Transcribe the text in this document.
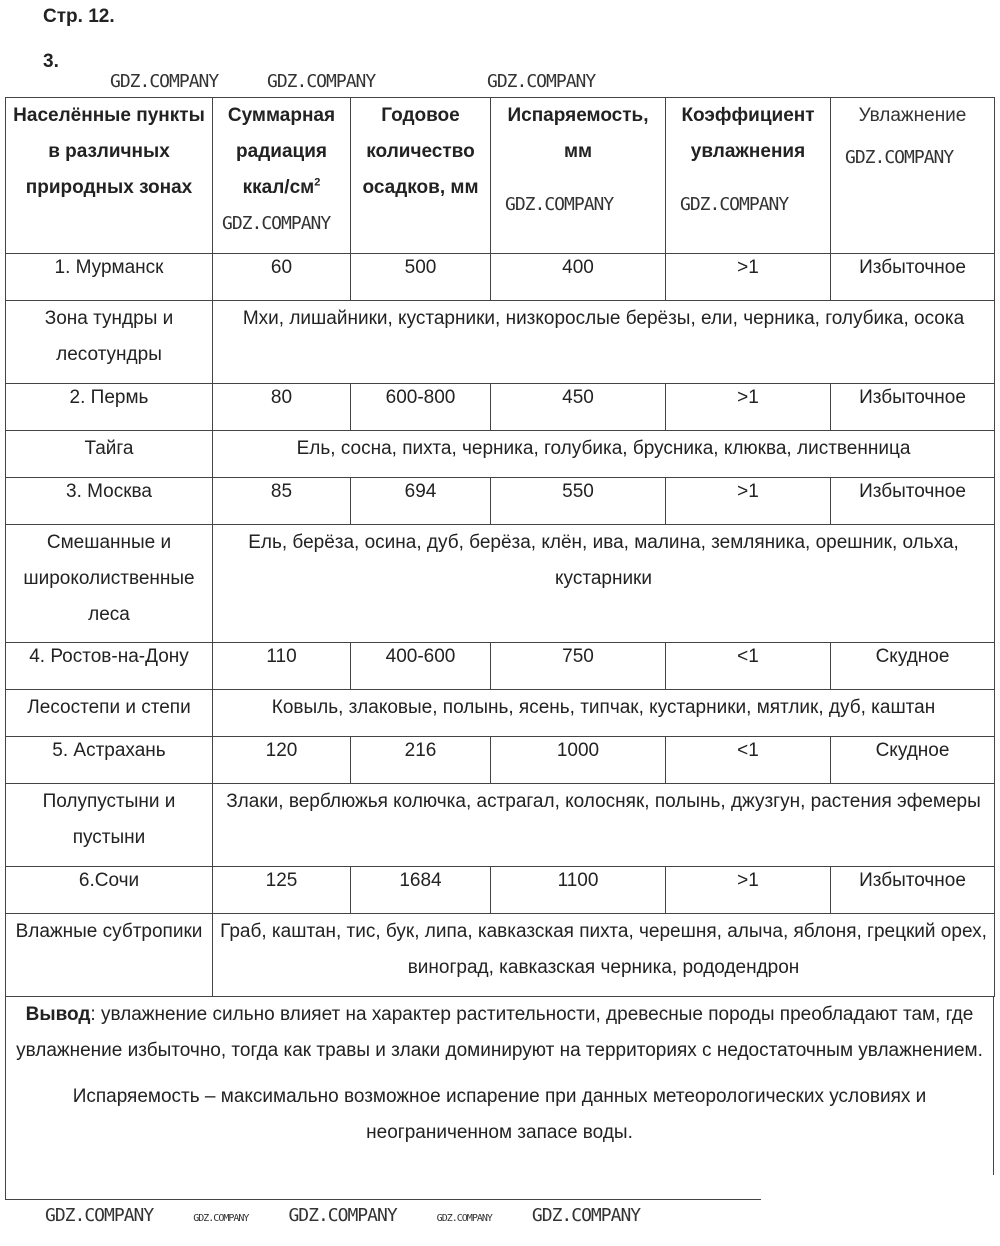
Стр. 12.
3.
Населённые пункты в различных природных зонах	Суммарная радиация ккал/$см^2$	Годовое количество осадков, мм	Испаряемость, мм	Коэффициент увлажнения	Увлажнение
1. Мурманск	60	500	400	>1	Избыточное
Зона тундры и лесотундры	Мхи, лишайники, кустарники, низкорослые берёзы, ели, черника, голубика, осока				
2. Пермь	80	600-800	450	>1	Избыточное
Тайга	Ель, сосна, пихта, черника, голубика, брусника, клюква, лиственница				
3. Москва	85	694	550	>1	Избыточное
Смешанные и широколиственные леса	Ель, берёза, осина, дуб, берёза, клён, ива, малина, земляника, орешник, ольха, кустарники				
4. Ростов-на-Дону	110	400-600	750	<1	Скудное
Лесостепи и степи	Ковыль, злаковые, полынь, ясень, типчак, кустарники, мятлик, дуб, каштан				
5. Астрахань	120	216	1000	<1	Скудное
Полупустыни и пустыни	Злаки, верблюжья колючка, астрагал, колосняк, полынь, джузгун, растения эфемеры				
6.Сочи	125	1684	1100	>1	Избыточное
Влажные субтропики	Граб, каштан, тис, бук, липа, кавказская пихта, черешня, алыча, яблоня, грецкий орех, виноград, кавказская черника, рододендрон				

Вывод: увлажнение сильно влияет на характер растительности, древесные породы преобладают там, где увлажнение избыточно, тогда как травы и злаки доминируют на территориях с недостаточным увлажнением.

Испаряемость – максимально возможное испарение при данных метеорологических условиях и неограниченном запасе воды.

GDZ.COMPANY	GDZ.COMPANY GDZ.COMPANY	GDZ.COMPANY GDZ.COMPANY
GDZ.COMPANY	GDZ.COMPANY	GDZ.COMPANY
GDZ.COMPANY
GDZ.COMPANY	GDZ.COMPANY
GDZ.COMPANY
